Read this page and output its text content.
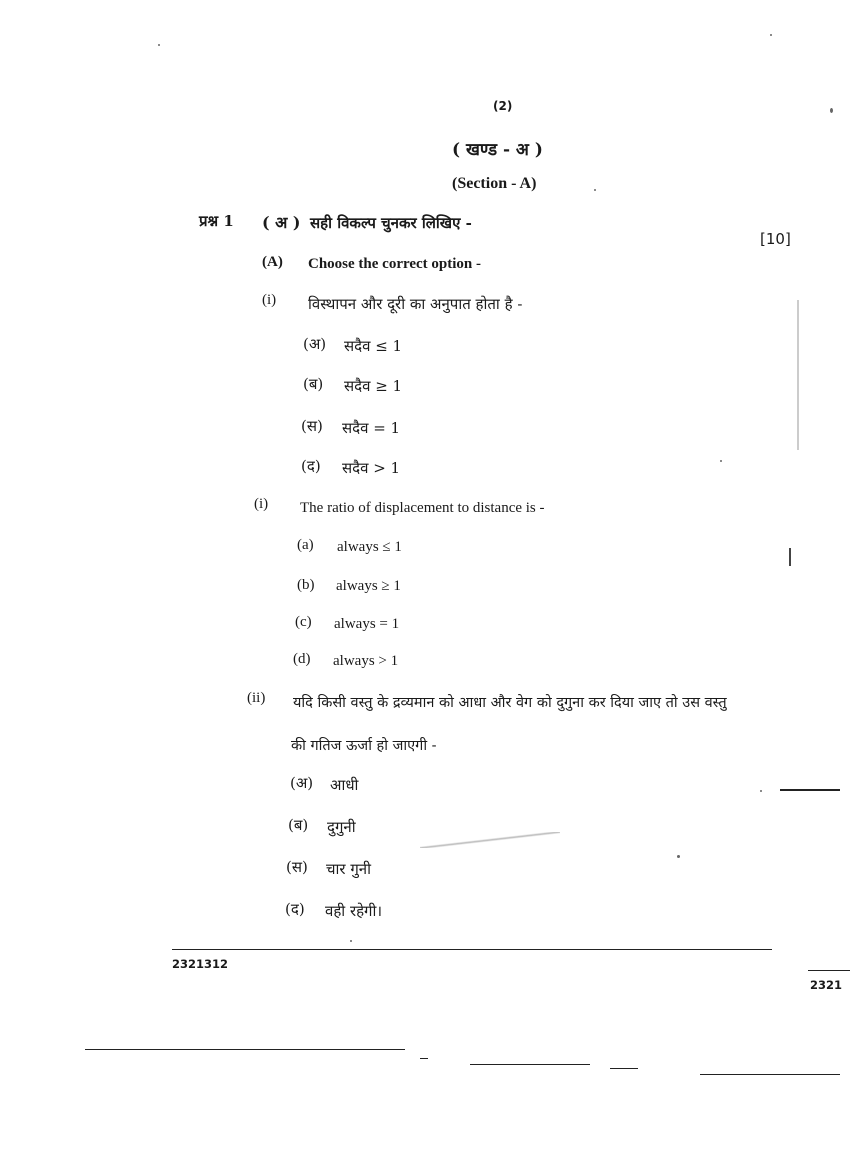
(2)
( खण्ड - अ )
(Section - A)
प्रश्न 1 ( अ ) सही विकल्प चुनकर लिखिए -
[10]
(A) Choose the correct option -
(i) विस्थापन और दूरी का अनुपात होता है -
(अ) सदैव ≤ 1
(ब) सदैव ≥ 1
(स) सदैव = 1
(द) सदैव > 1
(i) The ratio of displacement to distance is -
(a) always ≤ 1
(b) always ≥ 1
(c) always = 1
(d) always > 1
(ii) यदि किसी वस्तु के द्रव्यमान को आधा और वेग को दुगुना कर दिया जाए तो उस वस्तु
की गतिज ऊर्जा हो जाएगी -
(अ) आधी
(ब) दुगुनी
(स) चार गुनी
(द) वही रहेगी।
2321312
2321
